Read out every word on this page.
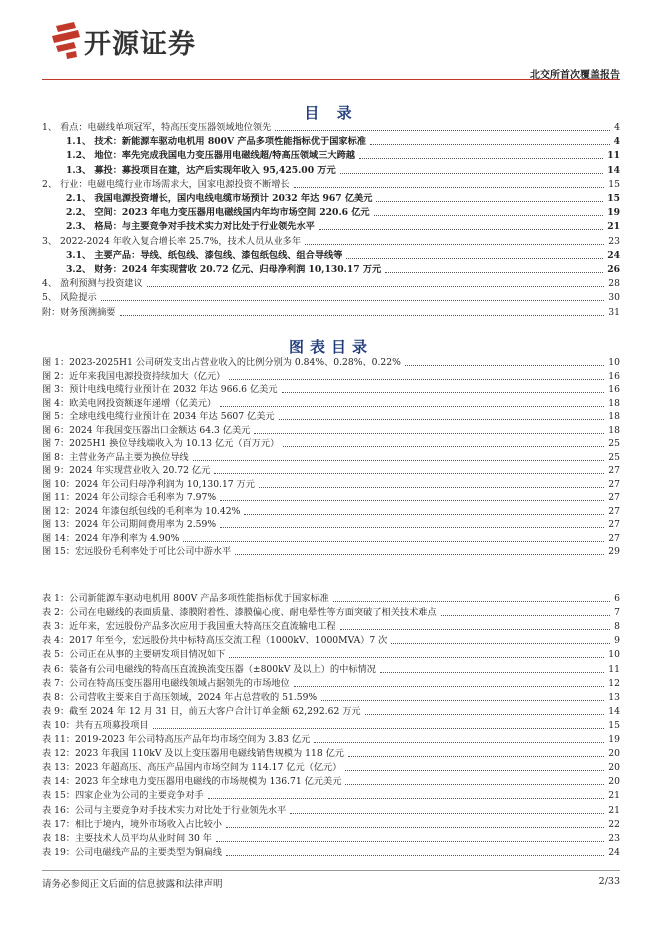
开源证券
北交所首次覆盖报告
目 录
1、 看点：电磁线单项冠军，特高压变压器领域地位领先	4
1.1、 技术：新能源车驱动电机用 800V 产品多项性能指标优于国家标准	4
1.2、 地位：率先完成我国电力变压器用电磁线超/特高压领域三大跨越	11
1.3、 募投：募投项目在建，达产后实现年收入 95,425.00 万元	14
2、 行业：电磁电缆行业市场需求大，国家电源投资不断增长	15
2.1、 我国电源投资增长，国内电线电缆市场预计 2032 年达 967 亿美元	15
2.2、 空间：2023 年电力变压器用电磁线国内年均市场空间 220.6 亿元	19
2.3、 格局：与主要竞争对手技术实力对比处于行业领先水平	21
3、 2022-2024 年收入复合增长率 25.7%，技术人员从业多年	23
3.1、 主要产品：导线、纸包线、漆包线、漆包纸包线、组合导线等	24
3.2、 财务：2024 年实现营收 20.72 亿元、归母净利润 10,130.17 万元	26
4、 盈利预测与投资建议	28
5、 风险提示	30
附：财务预测摘要	31
图表目录
图 1：2023-2025H1 公司研发支出占营业收入的比例分别为 0.84%、0.28%、0.22%	10
图 2：近年来我国电源投资持续加大（亿元）	16
图 3：预计电线电缆行业预计在 2032 年达 966.6 亿美元	16
图 4：欧美电网投资额逐年递增（亿美元）	18
图 5：全球电线电缆行业预计在 2034 年达 5607 亿美元	18
图 6：2024 年我国变压器出口金额达 64.3 亿美元	18
图 7：2025H1 换位导线端收入为 10.13 亿元（百万元）	25
图 8：主营业务产品主要为换位导线	25
图 9：2024 年实现营业收入 20.72 亿元	27
图 10：2024 年公司归母净利润为 10,130.17 万元	27
图 11：2024 年公司综合毛利率为 7.97%	27
图 12：2024 年漆包纸包线的毛利率为 10.42%	27
图 13：2024 年公司期间费用率为 2.59%	27
图 14：2024 年净利率为 4.90%	27
图 15：宏远股份毛利率处于可比公司中游水平	29
表 1：公司新能源车驱动电机用 800V 产品多项性能指标优于国家标准	6
表 2：公司在电磁线的表面质量、漆膜附着性、漆膜偏心度、耐电晕性等方面突破了相关技术难点	7
表 3：近年来，宏远股份产品多次应用于我国重大特高压交直流输电工程	8
表 4：2017 年至今，宏远股份共中标特高压交流工程（1000kV、1000MVA）7 次	9
表 5：公司正在从事的主要研发项目情况如下	10
表 6：装备有公司电磁线的特高压直流换流变压器（±800kV 及以上）的中标情况	11
表 7：公司在特高压变压器用电磁线领域占据领先的市场地位	12
表 8：公司营收主要来自于高压领域，2024 年占总营收的 51.59%	13
表 9：截至 2024 年 12 月 31 日，前五大客户合计订单金额 62,292.62 万元	14
表 10：共有五项募投项目	15
表 11：2019-2023 年公司特高压产品年均市场空间为 3.83 亿元	19
表 12：2023 年我国 110kV 及以上变压器用电磁线销售规模为 118 亿元	20
表 13：2023 年超高压、高压产品国内市场空间为 114.17 亿元（亿元）	20
表 14：2023 年全球电力变压器用电磁线的市场规模为 136.71 亿元美元	20
表 15：四家企业为公司的主要竞争对手	21
表 16：公司与主要竞争对手技术实力对比处于行业领先水平	21
表 17：相比于境内，境外市场收入占比较小	22
表 18：主要技术人员平均从业时间 30 年	23
表 19：公司电磁线产品的主要类型为铜扁线	24
请务必参阅正文后面的信息披露和法律声明	2/33
